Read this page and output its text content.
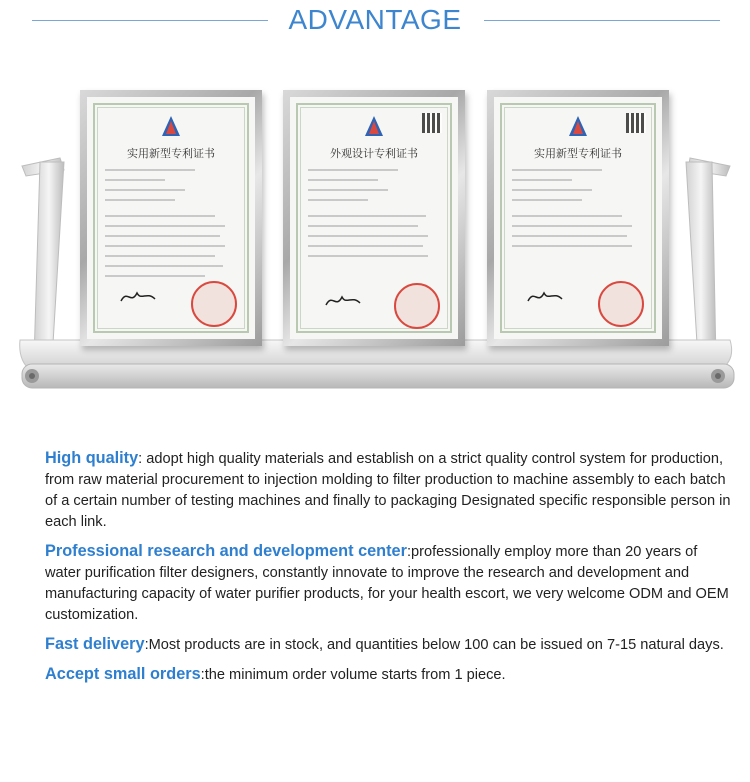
ADVANTAGE
实用新型专利证书	外观设计专利证书	实用新型专利证书

High quality: adopt high quality materials and establish on a strict quality control system for production, from raw material procurement to injection molding to filter production to machine assembly to each batch of a certain number of testing machines and finally to packaging Designated specific responsible person in each link.

Professional research and development center:professionally employ more than 20 years of water purification filter designers, constantly innovate to improve the research and development and manufacturing capacity of water purifier products, for your health escort, we very welcome ODM and OEM customization.

Fast delivery:Most products are in stock, and quantities below 100 can be issued on 7-15 natural days.

Accept small orders:the minimum order volume starts from 1 piece.
